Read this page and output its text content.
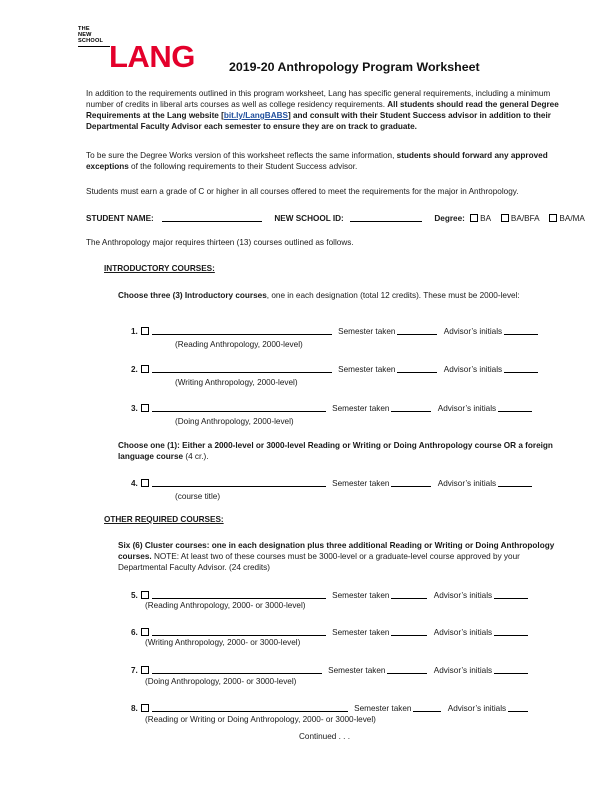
THE
NEW
SCHOOL LANG	2019-20 Anthropology Program Worksheet
In addition to the requirements outlined in this program worksheet, Lang has specific general requirements, including a minimum number of credits in liberal arts courses as well as college residency requirements. All students should read the general Degree Requirements at the Lang website [bit.ly/LangBABS] and consult with their Student Success advisor in addition to their Departmental Faculty Advisor each semester to ensure they are on track to graduate.
To be sure the Degree Works version of this worksheet reflects the same information, students should forward any approved exceptions of the following requirements to their Student Success advisor.
Students must earn a grade of C or higher in all courses offered to meet the requirements for the major in Anthropology.
STUDENT NAME:	NEW SCHOOL ID:	Degree: BA BA/BFA BA/MA
The Anthropology major requires thirteen (13) courses outlined as follows.
INTRODUCTORY COURSES:
Choose three (3) Introductory courses, one in each designation (total 12 credits). These must be 2000-level:
1.	Semester taken	Advisor’s initials
(Reading Anthropology, 2000-level)
2.	Semester taken	Advisor’s initials
(Writing Anthropology, 2000-level)
3.	Semester taken	Advisor’s initials
(Doing Anthropology, 2000-level)
Choose one (1): Either a 2000-level or 3000-level Reading or Writing or Doing Anthropology course OR a foreign language course (4 cr.).
4.	Semester taken	Advisor’s initials
(course title)
OTHER REQUIRED COURSES:
Six (6) Cluster courses: one in each designation plus three additional Reading or Writing or Doing Anthropology courses. NOTE: At least two of these courses must be 3000-level or a graduate-level course approved by your Departmental Faculty Advisor. (24 credits)
5.	Semester taken	Advisor’s initials
(Reading Anthropology, 2000- or 3000-level)
6.	Semester taken	Advisor’s initials
(Writing Anthropology, 2000- or 3000-level)
7.	Semester taken	Advisor’s initials
(Doing Anthropology, 2000- or 3000-level)
8.	Semester taken	Advisor’s initials
(Reading or Writing or Doing Anthropology, 2000- or 3000-level)
Continued . . .
